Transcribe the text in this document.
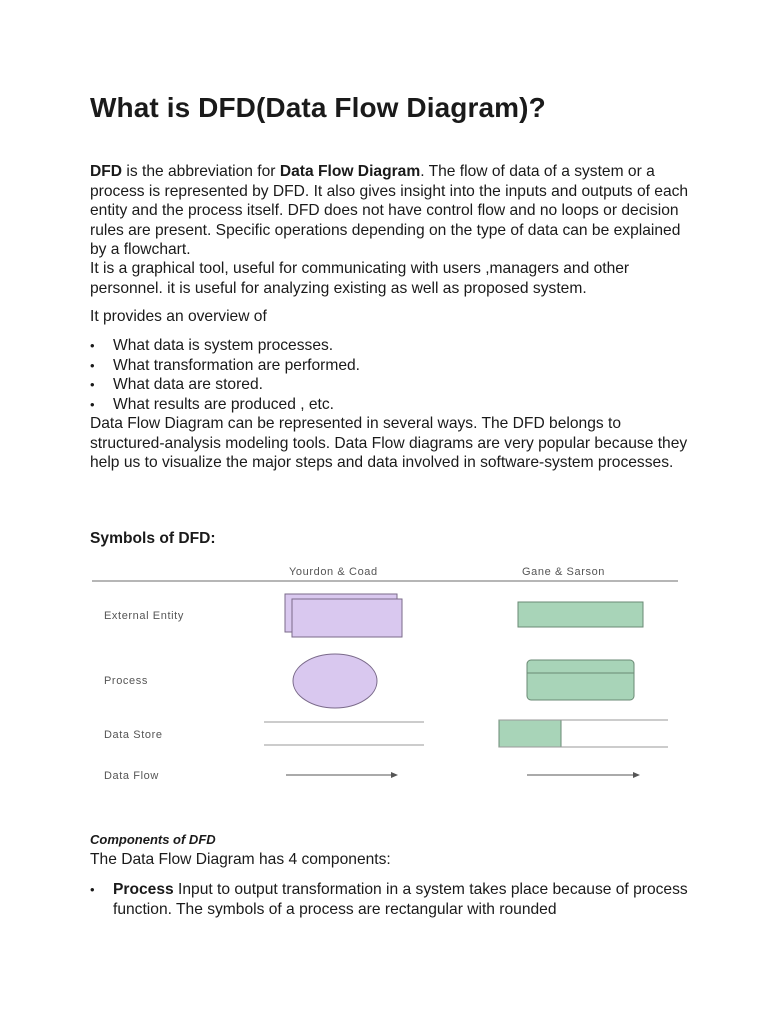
What is DFD(Data Flow Diagram)?

DFD is the abbreviation for Data Flow Diagram. The flow of data of a system or a process is represented by DFD. It also gives insight into the inputs and outputs of each entity and the process itself. DFD does not have control flow and no loops or decision rules are present. Specific operations depending on the type of data can be explained by a flowchart.

It is a graphical tool, useful for communicating with users ,managers and other personnel. it is useful for analyzing existing as well as proposed system.

It provides an overview of

• What data is system processes.
• What transformation are performed.
• What data are stored.
• What results are produced , etc.

Data Flow Diagram can be represented in several ways. The DFD belongs to structured-analysis modeling tools. Data Flow diagrams are very popular because they help us to visualize the major steps and data involved in software-system processes.

Symbols of DFD:

Components of DFD

The Data Flow Diagram has 4 components:

• Process Input to output transformation in a system takes place because of process function. The symbols of a process are rectangular with rounded
Yourdon & Coad	Gane & Sarson
External Entity
Process
Data Store
Data Flow
